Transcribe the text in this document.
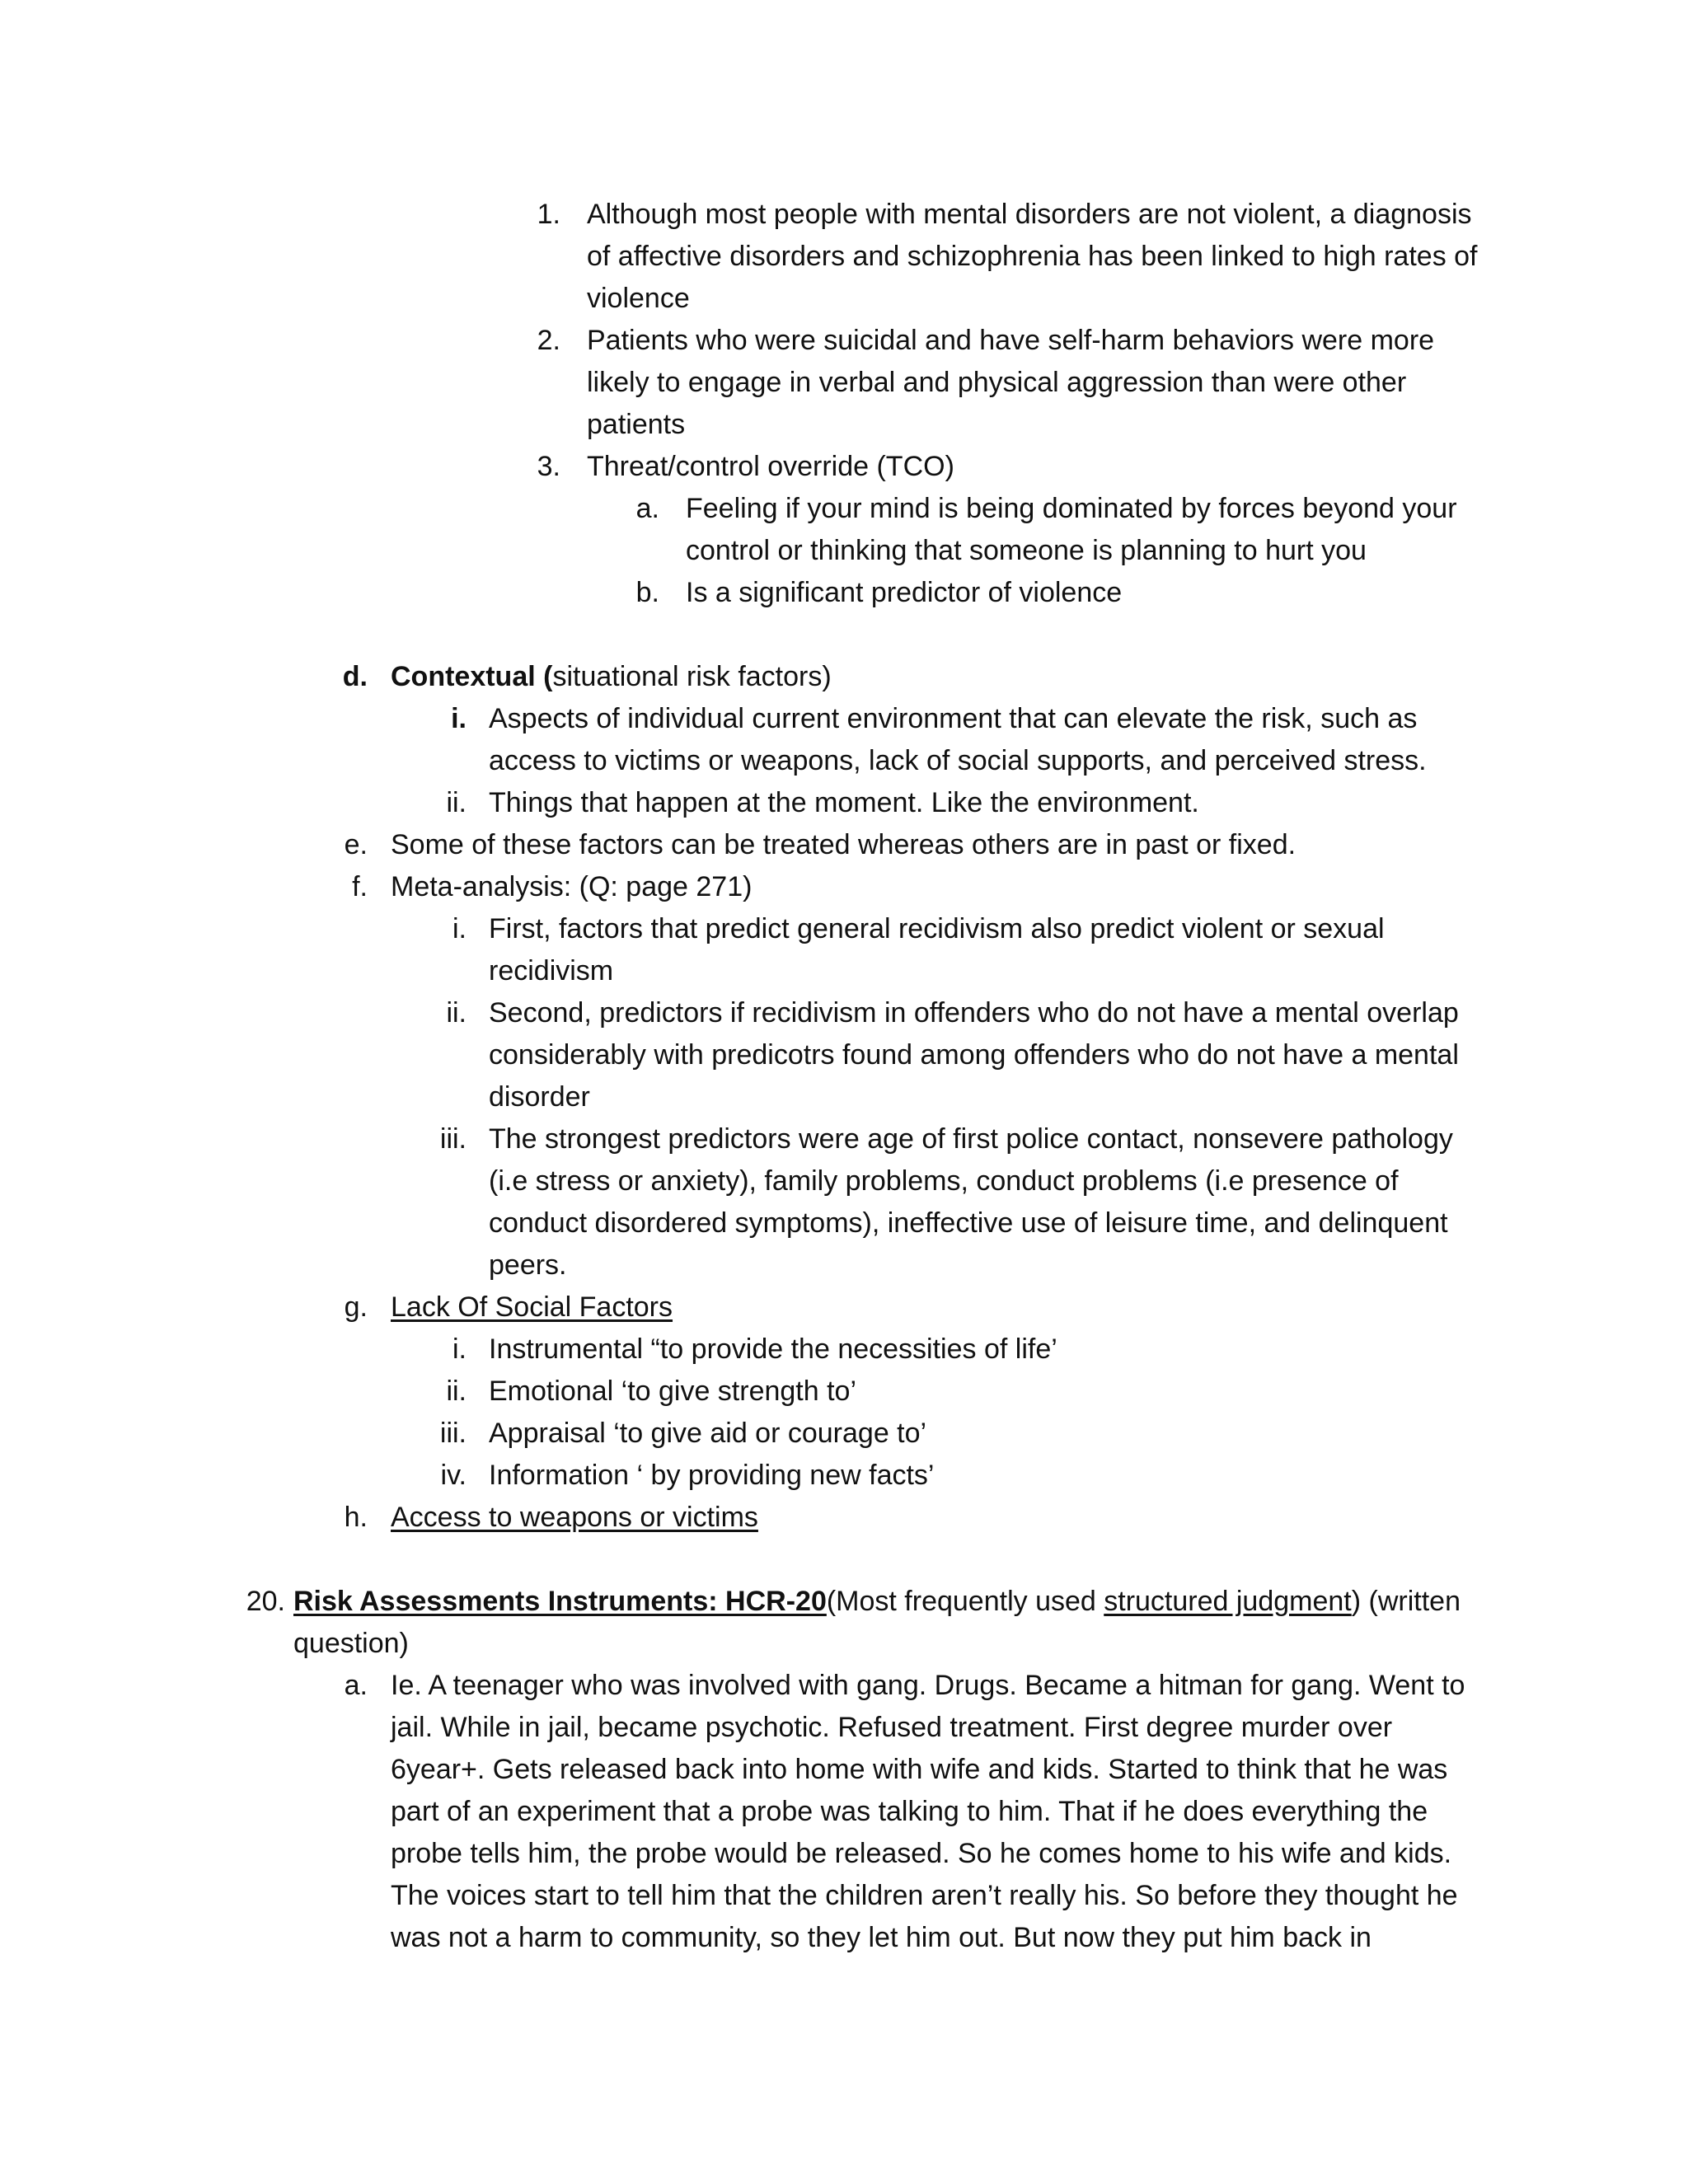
1. Although most people with mental disorders are not violent, a diagnosis
of affective disorders and schizophrenia has been linked to high rates of
violence
2. Patients who were suicidal and have self-harm behaviors were more
likely to engage in verbal and physical aggression than were other
patients
3. Threat/control override (TCO)
a. Feeling if your mind is being dominated by forces beyond your
control or thinking that someone is planning to hurt you
b. Is a significant predictor of violence
d. Contextual (situational risk factors)
i. Aspects of individual current environment that can elevate the risk, such as
access to victims or weapons, lack of social supports, and perceived stress.
ii. Things that happen at the moment. Like the environment.
e. Some of these factors can be treated whereas others are in past or fixed.
f. Meta-analysis: (Q: page 271)
i. First, factors that predict general recidivism also predict violent or sexual
recidivism
ii. Second, predictors if recidivism in offenders who do not have a mental overlap
considerably with predicotrs found among offenders who do not have a mental
disorder
iii. The strongest predictors were age of first police contact, nonsevere pathology
(i.e stress or anxiety), family problems, conduct problems (i.e presence of
conduct disordered symptoms), ineffective use of leisure time, and delinquent
peers.
g. Lack Of Social Factors
i. Instrumental “to provide the necessities of life’
ii. Emotional ‘to give strength to’
iii. Appraisal ‘to give aid or courage to’
iv. Information ‘ by providing new facts’
h. Access to weapons or victims
20. Risk Assessments Instruments: HCR-20(Most frequently used structured judgment) (written
question)
a. Ie. A teenager who was involved with gang. Drugs. Became a hitman for gang. Went to
jail. While in jail, became psychotic. Refused treatment. First degree murder over
6year+. Gets released back into home with wife and kids. Started to think that he was
part of an experiment that a probe was talking to him. That if he does everything the
probe tells him, the probe would be released. So he comes home to his wife and kids.
The voices start to tell him that the children aren’t really his. So before they thought he
was not a harm to community, so they let him out. But now they put him back in
